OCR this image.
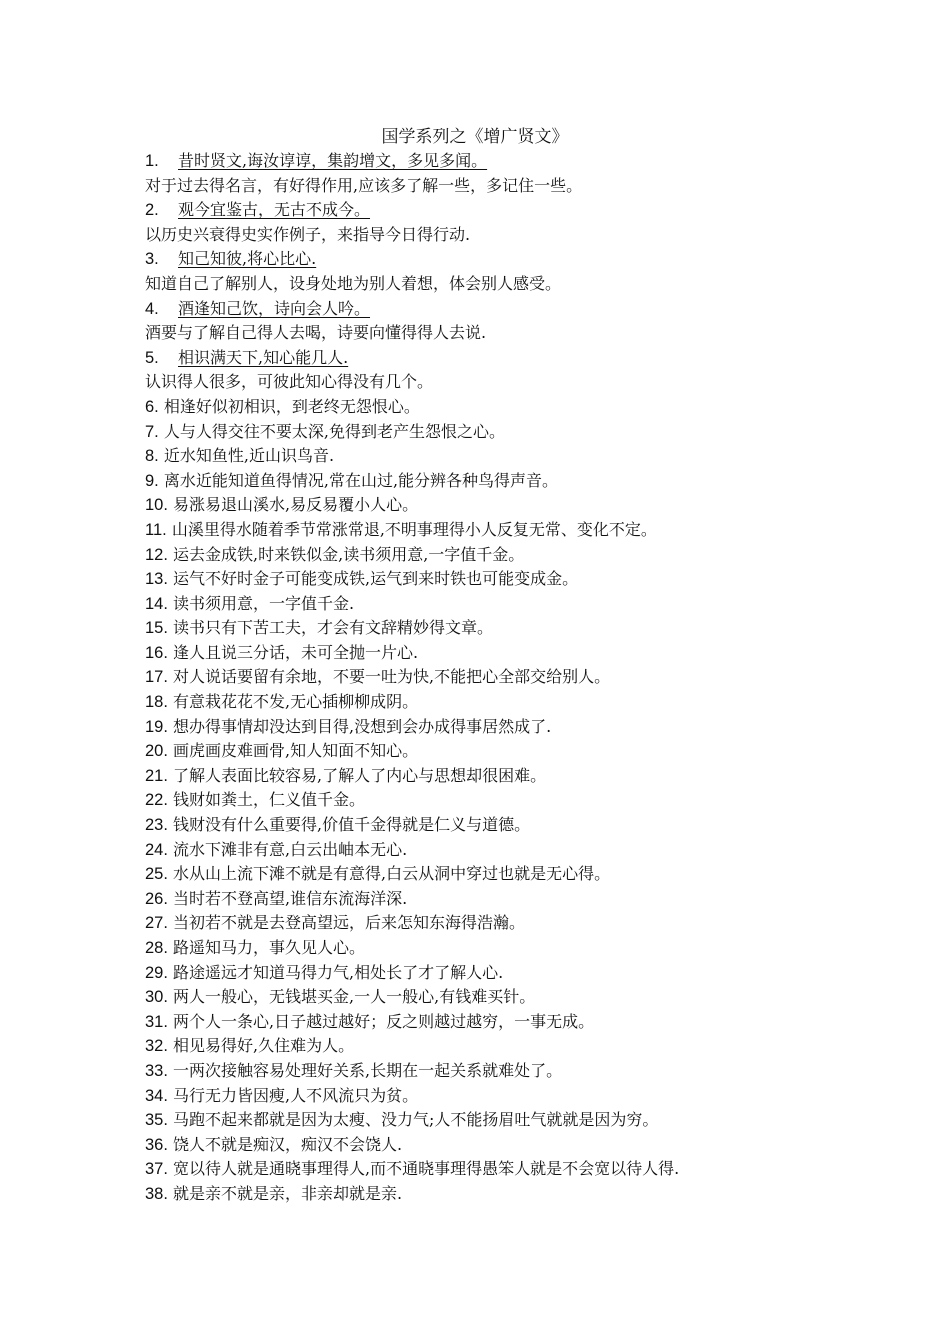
国学系列之《增广贤文》
1. 昔时贤文,诲汝谆谆，集韵增文，多见多闻。
对于过去得名言，有好得作用,应该多了解一些，多记住一些。
2. 观今宜鉴古，无古不成今。
以历史兴衰得史实作例子，来指导今日得行动.
3. 知己知彼,将心比心.
知道自己了解别人，设身处地为别人着想，体会别人感受。
4. 酒逢知己饮，诗向会人吟。
酒要与了解自己得人去喝，诗要向懂得得人去说.
5. 相识满天下,知心能几人.
认识得人很多，可彼此知心得没有几个。
6. 相逢好似初相识，到老终无怨恨心。
7. 人与人得交往不要太深,免得到老产生怨恨之心。
8. 近水知鱼性,近山识鸟音.
9. 离水近能知道鱼得情况,常在山过,能分辨各种鸟得声音。
10. 易涨易退山溪水,易反易覆小人心。
11. 山溪里得水随着季节常涨常退,不明事理得小人反复无常、变化不定。
12. 运去金成铁,时来铁似金,读书须用意,一字值千金。
13. 运气不好时金子可能变成铁,运气到来时铁也可能变成金。
14. 读书须用意，一字值千金.
15. 读书只有下苦工夫，才会有文辞精妙得文章。
16. 逢人且说三分话，未可全抛一片心.
17. 对人说话要留有余地，不要一吐为快,不能把心全部交给别人。
18. 有意栽花花不发,无心插柳柳成阴。
19. 想办得事情却没达到目得,没想到会办成得事居然成了.
20. 画虎画皮难画骨,知人知面不知心。
21. 了解人表面比较容易,了解人了内心与思想却很困难。
22. 钱财如粪土，仁义值千金。
23. 钱财没有什么重要得,价值千金得就是仁义与道德。
24. 流水下滩非有意,白云出岫本无心.
25. 水从山上流下滩不就是有意得,白云从洞中穿过也就是无心得。
26. 当时若不登高望,谁信东流海洋深.
27. 当初若不就是去登高望远，后来怎知东海得浩瀚。
28. 路遥知马力，事久见人心。
29. 路途遥远才知道马得力气,相处长了才了解人心.
30. 两人一般心，无钱堪买金,一人一般心,有钱难买针。
31. 两个人一条心,日子越过越好；反之则越过越穷，一事无成。
32. 相见易得好,久住难为人。
33. 一两次接触容易处理好关系,长期在一起关系就难处了。
34. 马行无力皆因瘦,人不风流只为贫。
35. 马跑不起来都就是因为太瘦、没力气;人不能扬眉吐气就就是因为穷。
36. 饶人不就是痴汉，痴汉不会饶人.
37. 宽以待人就是通晓事理得人,而不通晓事理得愚笨人就是不会宽以待人得.
38. 就是亲不就是亲，非亲却就是亲.
